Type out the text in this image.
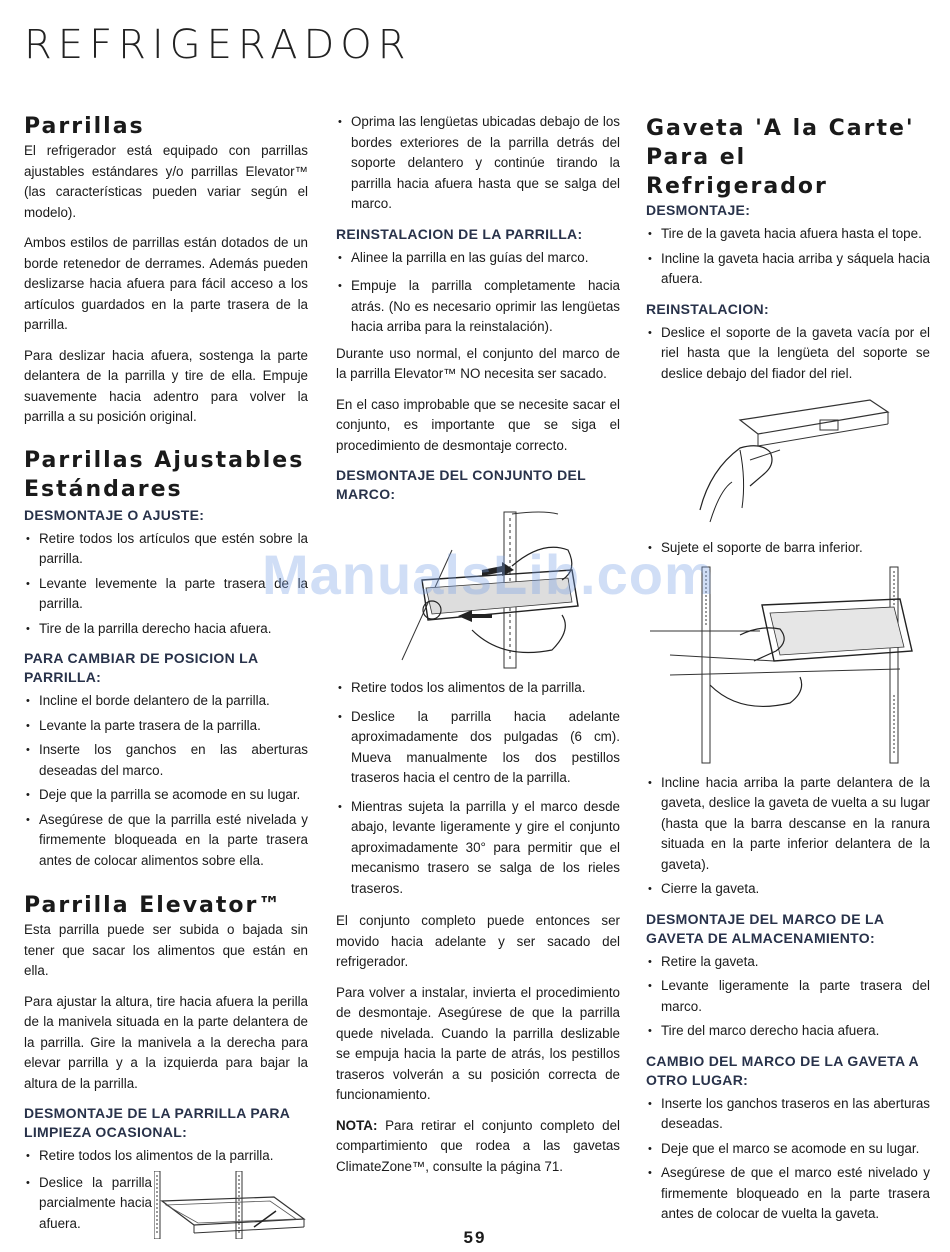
REFRIGERADOR
Parrillas

El refrigerador está equipado con parrillas ajustables estándares y/o parrillas Elevator™ (las características pueden variar según el modelo).

Ambos estilos de parrillas están dotados de un borde retenedor de derrames. Además pueden deslizarse hacia afuera para fácil acceso a los artículos guardados en la parte trasera de la parrilla.

Para deslizar hacia afuera, sostenga la parte delantera de la parrilla y tire de ella. Empuje suavemente hacia adentro para volver la parrilla a su posición original.

Parrillas Ajustables
Estándares
DESMONTAJE O AJUSTE:
• Retire todos los artículos que estén sobre la parrilla.
• Levante levemente la parte trasera de la parrilla.
• Tire de la parrilla derecho hacia afuera.
PARA CAMBIAR DE POSICION LA PARRILLA:
• Incline el borde delantero de la parrilla.
• Levante la parte trasera de la parrilla.
• Inserte los ganchos en las aberturas deseadas del marco.
• Deje que la parrilla se acomode en su lugar.
• Asegúrese de que la parrilla esté nivelada y firmemente bloqueada en la parte trasera antes de colocar alimentos sobre ella.
Parrilla Elevator™

Esta parrilla puede ser subida o bajada sin tener que sacar los alimentos que están en ella.

Para ajustar la altura, tire hacia afuera la perilla de la manivela situada en la parte delantera de la parrilla. Gire la manivela a la derecha para elevar parrilla y a la izquierda para bajar la altura de la parrilla.

DESMONTAJE DE LA PARRILLA PARA LIMPIEZA OCASIONAL:
• Retire todos los alimentos de la parrilla.
• Deslice la parrilla parcialmente hacia afuera.
• Oprima las lengüetas ubicadas debajo de los bordes exteriores de la parrilla detrás del soporte delantero y continúe tirando la parrilla hacia afuera hasta que se salga del marco.
REINSTALACION DE LA PARRILLA:
• Alinee la parrilla en las guías del marco.
• Empuje la parrilla completamente hacia atrás. (No es necesario oprimir las lengüetas hacia arriba para la reinstalación).

Durante uso normal, el conjunto del marco de la parrilla Elevator™ NO necesita ser sacado.

En el caso improbable que se necesite sacar el conjunto, es importante que se siga el procedimiento de desmontaje correcto.

DESMONTAJE DEL CONJUNTO DEL MARCO:
• Retire todos los alimentos de la parrilla.
• Deslice la parrilla hacia adelante aproximadamente dos pulgadas (6 cm). Mueva manualmente los dos pestillos traseros hacia el centro de la parrilla.
• Mientras sujeta la parrilla y el marco desde abajo, levante ligeramente y gire el conjunto aproximadamente 30° para permitir que el mecanismo trasero se salga de los rieles traseros.

El conjunto completo puede entonces ser movido hacia adelante y ser sacado del refrigerador.

Para volver a instalar, invierta el procedimiento de desmontaje. Asegúrese de que la parrilla quede nivelada. Cuando la parrilla deslizable se empuja hacia la parte de atrás, los pestillos traseros volverán a su posición correcta de funcionamiento.

NOTA: Para retirar el conjunto completo del compartimiento que rodea a las gavetas ClimateZone™, consulte la página 71.

Gaveta 'A la Carte'
Para el Refrigerador
DESMONTAJE:
• Tire de la gaveta hacia afuera hasta el tope.
• Incline la gaveta hacia arriba y sáquela hacia afuera.
REINSTALACION:
• Deslice el soporte de la gaveta vacía por el riel hasta que la lengüeta del soporte se deslice debajo del fiador del riel.
• Sujete el soporte de barra inferior.
• Incline hacia arriba la parte delantera de la gaveta, deslice la gaveta de vuelta a su lugar (hasta que la barra descanse en la ranura situada en la parte inferior delantera de la gaveta).
• Cierre la gaveta.
DESMONTAJE DEL MARCO DE LA GAVETA DE ALMACENAMIENTO:
• Retire la gaveta.
• Levante ligeramente la parte trasera del marco.
• Tire del marco derecho hacia afuera.
CAMBIO DEL MARCO DE LA GAVETA A OTRO LUGAR:
• Inserte los ganchos traseros en las aberturas deseadas.
• Deje que el marco se acomode en su lugar.
• Asegúrese de que el marco esté nivelado y firmemente bloqueado en la parte trasera antes de colocar de vuelta la gaveta.
ManualsLib.com
59
